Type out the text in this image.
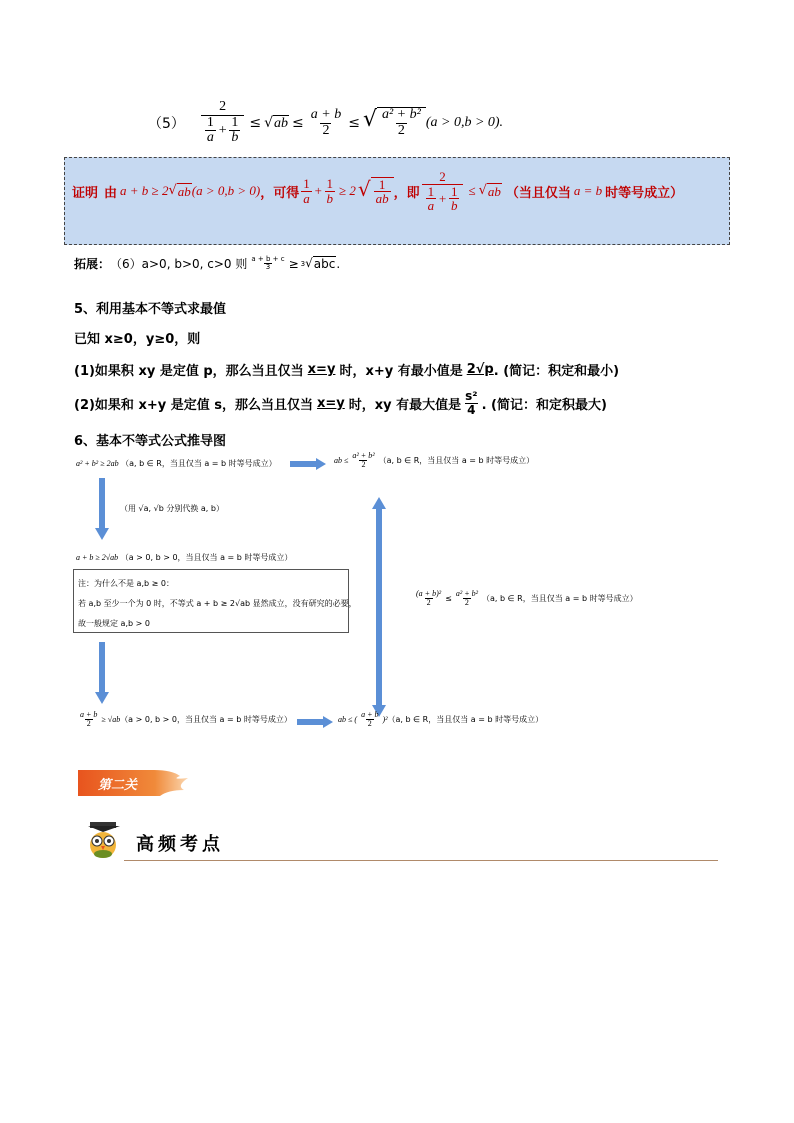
$(5) \frac{2}{\frac{1}{a} + \frac{1}{b}}$ ≤ √ ab ≤ $\frac{a + b}{2}$ ≤ √ $\frac{\text{a² + b²}}{2} (a > 0,b > 0)$.
证明 由 a + b ≥ 2 √ ab (a > 0,b > 0) ，可得 $\frac{1}{a} + \frac{1}{b} \ge 2$ √ $\frac{1}{ab}$ ，即 $\frac{2}{\frac{1}{a} + \frac{1}{b}}$ ≤ √ ab （当且仅当 a = b 时等号成立）
拓展： （6）a>0, b>0, c>0 则 $\frac{a + b + c}{3} \ge 3$ √ abc .
5、利用基本不等式求最值
已知 x≥0，y≥0，则
(1)如果积 xy 是定值 p，那么当且仅当 x=y 时，x+y 有最小值是 2√p . (简记：积定和最小)
(2)如果和 x+y 是定值 s，那么当且仅当 x=y 时，xy 有最大值是 $\frac{\text{s²}}{4}$ . (简记：和定积最大)
6、基本不等式公式推导图
a² + b² ≥ 2ab （a, b ∈ R，当且仅当 a = b 时等号成立）	ab ≤ $\frac{\text{a² + b²}}{2} (a$, b ∈ R，当且仅当 a = b 时等号成立）
（用 √a, √b 分别代换 a, b）
a + b ≥ 2√ab （a > 0, b > 0，当且仅当 a = b 时等号成立）
注：为什么不是 a,b ≥ 0：
若 a,b 至少一个为 0 时，不等式 a + b ≥ 2√ab 显然成立，没有研究的必要，
故一般规定 a,b > 0
$\frac{\text{(a + b)²}}{2} \le \frac{\text{a² + b²}}{2} (a$, b ∈ R，当且仅当 a = b 时等号成立）
$\frac{a + b}{2} \ge √ab$ （a > 0, b > 0，当且仅当 a = b 时等号成立）	ab ≤ ( $\frac{a + b}{2} )^2$ （a, b ∈ R，当且仅当 a = b 时等号成立）
第二关
高频考点
